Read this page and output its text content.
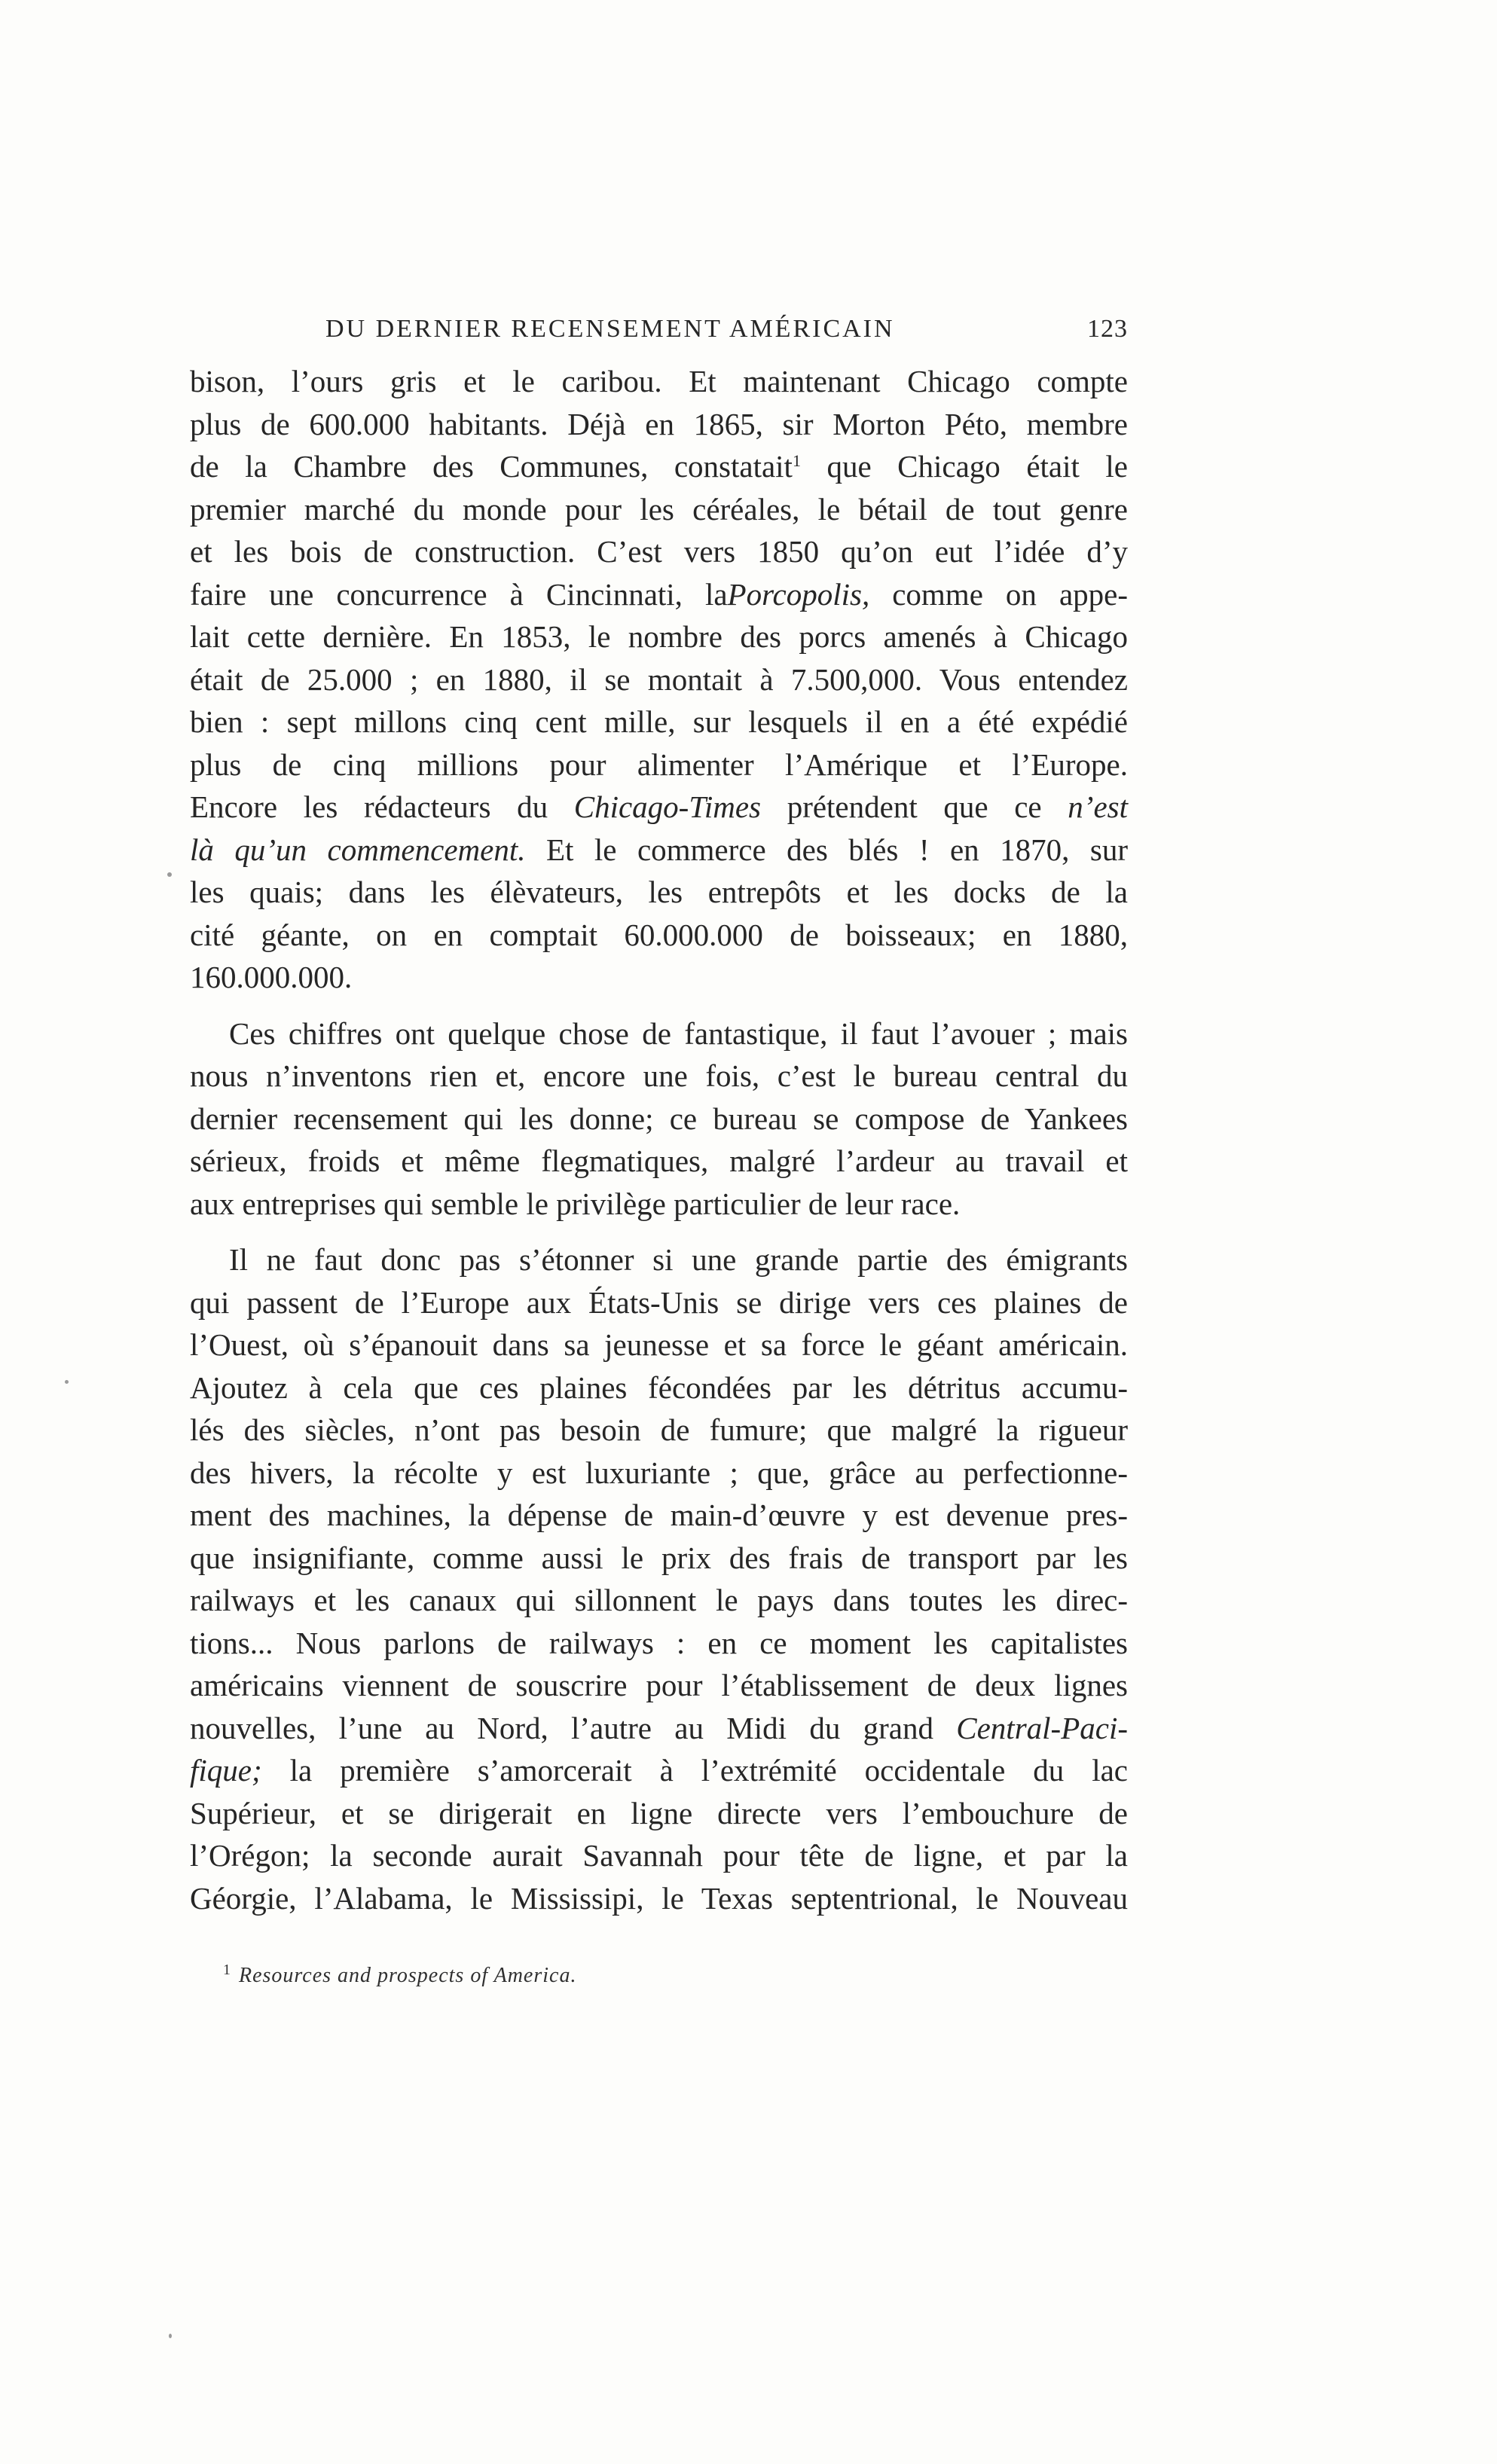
DU DERNIER RECENSEMENT AMÉRICAIN	123
bison, l’ours gris et le caribou. Et maintenant Chicago compte
plus de 600.000 habitants. Déjà en 1865, sir Morton Péto, membre
de la Chambre des Communes, constatait$^1$ que Chicago était le
premier marché du monde pour les céréales, le bétail de tout genre
et les bois de construction. C’est vers 1850 qu’on eut l’idée d’y
faire une concurrence à Cincinnati, laPorcopolis, comme on appe-
lait cette dernière. En 1853, le nombre des porcs amenés à Chicago
était de 25.000 ; en 1880, il se montait à 7.500,000. Vous entendez
bien : sept millons cinq cent mille, sur lesquels il en a été expédié
plus de cinq millions pour alimenter l’Amérique et l’Europe.
Encore les rédacteurs du Chicago-Times prétendent que ce n’est
là qu’un commencement. Et le commerce des blés ! en 1870, sur
les quais; dans les élèvateurs, les entrepôts et les docks de la
cité géante, on en comptait 60.000.000 de boisseaux; en 1880,
160.000.000.
Ces chiffres ont quelque chose de fantastique, il faut l’avouer ; mais
nous n’inventons rien et, encore une fois, c’est le bureau central du
dernier recensement qui les donne; ce bureau se compose de Yankees
sérieux, froids et même flegmatiques, malgré l’ardeur au travail et
aux entreprises qui semble le privilège particulier de leur race.
Il ne faut donc pas s’étonner si une grande partie des émigrants
qui passent de l’Europe aux États-Unis se dirige vers ces plaines de
l’Ouest, où s’épanouit dans sa jeunesse et sa force le géant américain.
Ajoutez à cela que ces plaines fécondées par les détritus accumu-
lés des siècles, n’ont pas besoin de fumure; que malgré la rigueur
des hivers, la récolte y est luxuriante ; que, grâce au perfectionne-
ment des machines, la dépense de main-d’œuvre y est devenue pres-
que insignifiante, comme aussi le prix des frais de transport par les
railways et les canaux qui sillonnent le pays dans toutes les direc-
tions... Nous parlons de railways : en ce moment les capitalistes
américains viennent de souscrire pour l’établissement de deux lignes
nouvelles, l’une au Nord, l’autre au Midi du grand Central-Paci-
fique; la première s’amorcerait à l’extrémité occidentale du lac
Supérieur, et se dirigerait en ligne directe vers l’embouchure de
l’Orégon; la seconde aurait Savannah pour tête de ligne, et par la
Géorgie, l’Alabama, le Mississipi, le Texas septentrional, le Nouveau
$^1$ Resources and prospects of America.
